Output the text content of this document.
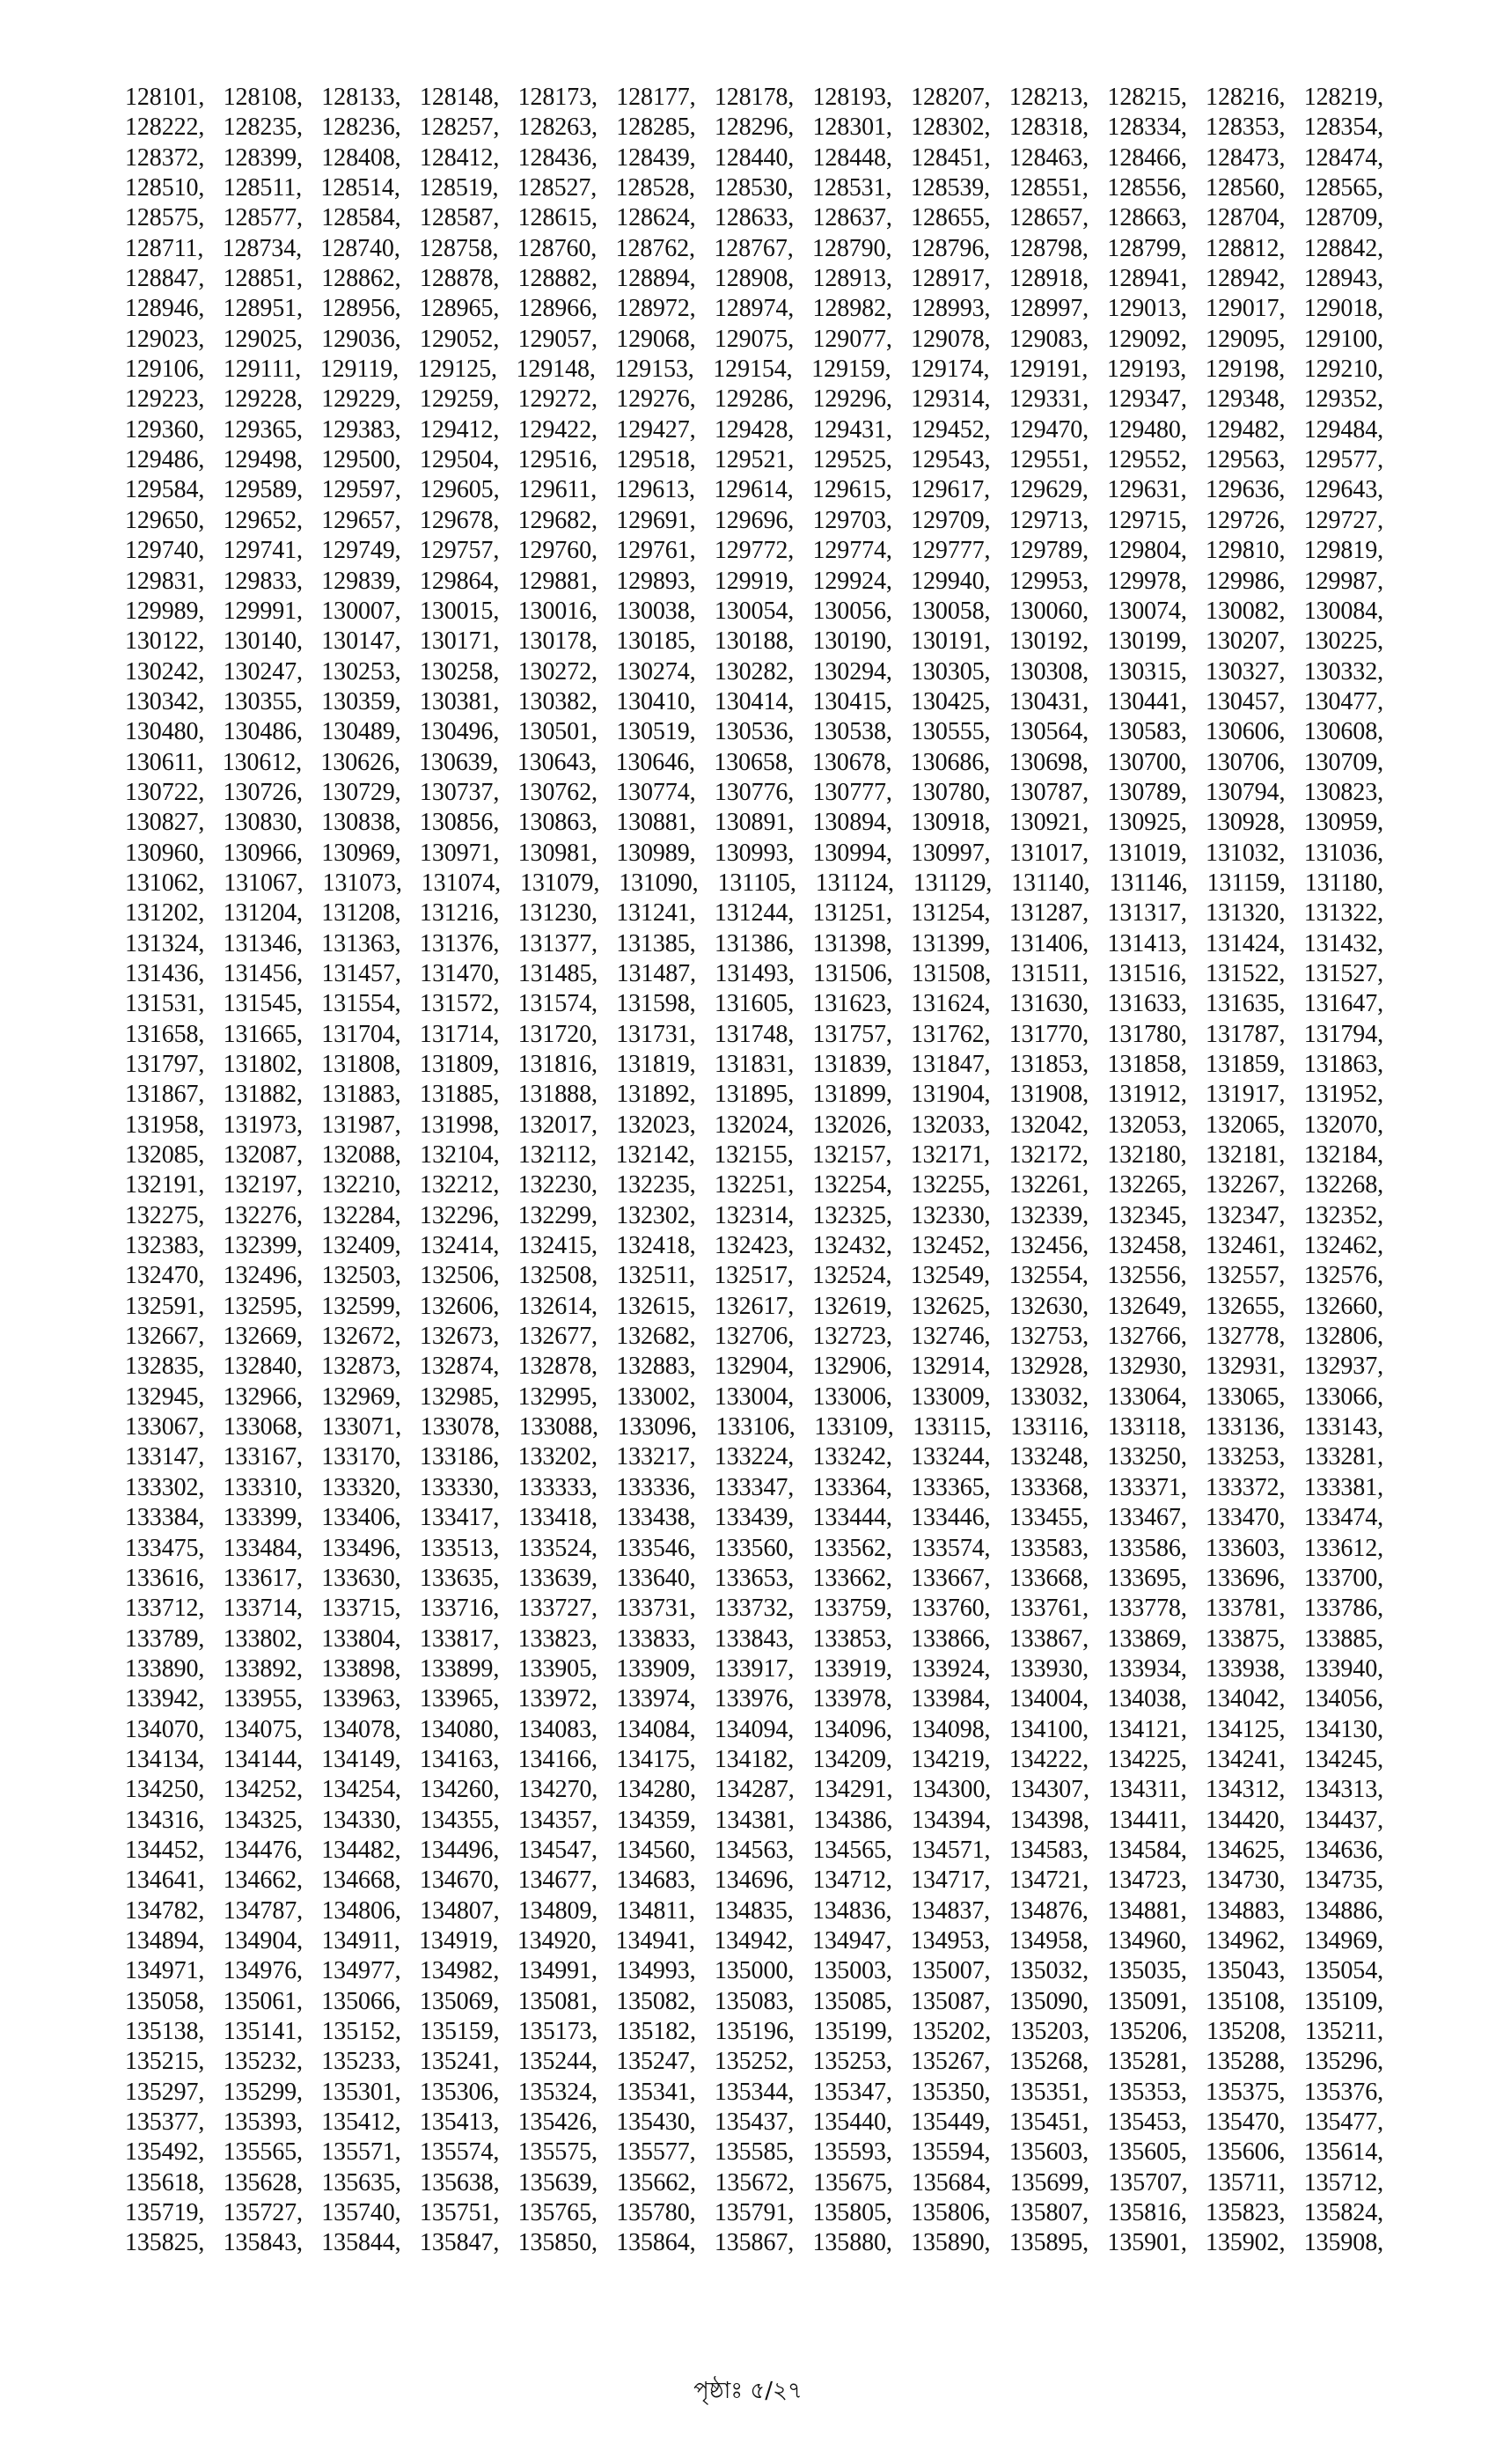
128101, 128108, 128133, 128148, 128173, 128177, 128178, 128193, 128207, 128213, 128215, 128216, 128219,
128222, 128235, 128236, 128257, 128263, 128285, 128296, 128301, 128302, 128318, 128334, 128353, 128354,
128372, 128399, 128408, 128412, 128436, 128439, 128440, 128448, 128451, 128463, 128466, 128473, 128474,
128510, 128511, 128514, 128519, 128527, 128528, 128530, 128531, 128539, 128551, 128556, 128560, 128565,
128575, 128577, 128584, 128587, 128615, 128624, 128633, 128637, 128655, 128657, 128663, 128704, 128709,
128711, 128734, 128740, 128758, 128760, 128762, 128767, 128790, 128796, 128798, 128799, 128812, 128842,
128847, 128851, 128862, 128878, 128882, 128894, 128908, 128913, 128917, 128918, 128941, 128942, 128943,
128946, 128951, 128956, 128965, 128966, 128972, 128974, 128982, 128993, 128997, 129013, 129017, 129018,
129023, 129025, 129036, 129052, 129057, 129068, 129075, 129077, 129078, 129083, 129092, 129095, 129100,
129106, 129111, 129119, 129125, 129148, 129153, 129154, 129159, 129174, 129191, 129193, 129198, 129210,
129223, 129228, 129229, 129259, 129272, 129276, 129286, 129296, 129314, 129331, 129347, 129348, 129352,
129360, 129365, 129383, 129412, 129422, 129427, 129428, 129431, 129452, 129470, 129480, 129482, 129484,
129486, 129498, 129500, 129504, 129516, 129518, 129521, 129525, 129543, 129551, 129552, 129563, 129577,
129584, 129589, 129597, 129605, 129611, 129613, 129614, 129615, 129617, 129629, 129631, 129636, 129643,
129650, 129652, 129657, 129678, 129682, 129691, 129696, 129703, 129709, 129713, 129715, 129726, 129727,
129740, 129741, 129749, 129757, 129760, 129761, 129772, 129774, 129777, 129789, 129804, 129810, 129819,
129831, 129833, 129839, 129864, 129881, 129893, 129919, 129924, 129940, 129953, 129978, 129986, 129987,
129989, 129991, 130007, 130015, 130016, 130038, 130054, 130056, 130058, 130060, 130074, 130082, 130084,
130122, 130140, 130147, 130171, 130178, 130185, 130188, 130190, 130191, 130192, 130199, 130207, 130225,
130242, 130247, 130253, 130258, 130272, 130274, 130282, 130294, 130305, 130308, 130315, 130327, 130332,
130342, 130355, 130359, 130381, 130382, 130410, 130414, 130415, 130425, 130431, 130441, 130457, 130477,
130480, 130486, 130489, 130496, 130501, 130519, 130536, 130538, 130555, 130564, 130583, 130606, 130608,
130611, 130612, 130626, 130639, 130643, 130646, 130658, 130678, 130686, 130698, 130700, 130706, 130709,
130722, 130726, 130729, 130737, 130762, 130774, 130776, 130777, 130780, 130787, 130789, 130794, 130823,
130827, 130830, 130838, 130856, 130863, 130881, 130891, 130894, 130918, 130921, 130925, 130928, 130959,
130960, 130966, 130969, 130971, 130981, 130989, 130993, 130994, 130997, 131017, 131019, 131032, 131036,
131062, 131067, 131073, 131074, 131079, 131090, 131105, 131124, 131129, 131140, 131146, 131159, 131180,
131202, 131204, 131208, 131216, 131230, 131241, 131244, 131251, 131254, 131287, 131317, 131320, 131322,
131324, 131346, 131363, 131376, 131377, 131385, 131386, 131398, 131399, 131406, 131413, 131424, 131432,
131436, 131456, 131457, 131470, 131485, 131487, 131493, 131506, 131508, 131511, 131516, 131522, 131527,
131531, 131545, 131554, 131572, 131574, 131598, 131605, 131623, 131624, 131630, 131633, 131635, 131647,
131658, 131665, 131704, 131714, 131720, 131731, 131748, 131757, 131762, 131770, 131780, 131787, 131794,
131797, 131802, 131808, 131809, 131816, 131819, 131831, 131839, 131847, 131853, 131858, 131859, 131863,
131867, 131882, 131883, 131885, 131888, 131892, 131895, 131899, 131904, 131908, 131912, 131917, 131952,
131958, 131973, 131987, 131998, 132017, 132023, 132024, 132026, 132033, 132042, 132053, 132065, 132070,
132085, 132087, 132088, 132104, 132112, 132142, 132155, 132157, 132171, 132172, 132180, 132181, 132184,
132191, 132197, 132210, 132212, 132230, 132235, 132251, 132254, 132255, 132261, 132265, 132267, 132268,
132275, 132276, 132284, 132296, 132299, 132302, 132314, 132325, 132330, 132339, 132345, 132347, 132352,
132383, 132399, 132409, 132414, 132415, 132418, 132423, 132432, 132452, 132456, 132458, 132461, 132462,
132470, 132496, 132503, 132506, 132508, 132511, 132517, 132524, 132549, 132554, 132556, 132557, 132576,
132591, 132595, 132599, 132606, 132614, 132615, 132617, 132619, 132625, 132630, 132649, 132655, 132660,
132667, 132669, 132672, 132673, 132677, 132682, 132706, 132723, 132746, 132753, 132766, 132778, 132806,
132835, 132840, 132873, 132874, 132878, 132883, 132904, 132906, 132914, 132928, 132930, 132931, 132937,
132945, 132966, 132969, 132985, 132995, 133002, 133004, 133006, 133009, 133032, 133064, 133065, 133066,
133067, 133068, 133071, 133078, 133088, 133096, 133106, 133109, 133115, 133116, 133118, 133136, 133143,
133147, 133167, 133170, 133186, 133202, 133217, 133224, 133242, 133244, 133248, 133250, 133253, 133281,
133302, 133310, 133320, 133330, 133333, 133336, 133347, 133364, 133365, 133368, 133371, 133372, 133381,
133384, 133399, 133406, 133417, 133418, 133438, 133439, 133444, 133446, 133455, 133467, 133470, 133474,
133475, 133484, 133496, 133513, 133524, 133546, 133560, 133562, 133574, 133583, 133586, 133603, 133612,
133616, 133617, 133630, 133635, 133639, 133640, 133653, 133662, 133667, 133668, 133695, 133696, 133700,
133712, 133714, 133715, 133716, 133727, 133731, 133732, 133759, 133760, 133761, 133778, 133781, 133786,
133789, 133802, 133804, 133817, 133823, 133833, 133843, 133853, 133866, 133867, 133869, 133875, 133885,
133890, 133892, 133898, 133899, 133905, 133909, 133917, 133919, 133924, 133930, 133934, 133938, 133940,
133942, 133955, 133963, 133965, 133972, 133974, 133976, 133978, 133984, 134004, 134038, 134042, 134056,
134070, 134075, 134078, 134080, 134083, 134084, 134094, 134096, 134098, 134100, 134121, 134125, 134130,
134134, 134144, 134149, 134163, 134166, 134175, 134182, 134209, 134219, 134222, 134225, 134241, 134245,
134250, 134252, 134254, 134260, 134270, 134280, 134287, 134291, 134300, 134307, 134311, 134312, 134313,
134316, 134325, 134330, 134355, 134357, 134359, 134381, 134386, 134394, 134398, 134411, 134420, 134437,
134452, 134476, 134482, 134496, 134547, 134560, 134563, 134565, 134571, 134583, 134584, 134625, 134636,
134641, 134662, 134668, 134670, 134677, 134683, 134696, 134712, 134717, 134721, 134723, 134730, 134735,
134782, 134787, 134806, 134807, 134809, 134811, 134835, 134836, 134837, 134876, 134881, 134883, 134886,
134894, 134904, 134911, 134919, 134920, 134941, 134942, 134947, 134953, 134958, 134960, 134962, 134969,
134971, 134976, 134977, 134982, 134991, 134993, 135000, 135003, 135007, 135032, 135035, 135043, 135054,
135058, 135061, 135066, 135069, 135081, 135082, 135083, 135085, 135087, 135090, 135091, 135108, 135109,
135138, 135141, 135152, 135159, 135173, 135182, 135196, 135199, 135202, 135203, 135206, 135208, 135211,
135215, 135232, 135233, 135241, 135244, 135247, 135252, 135253, 135267, 135268, 135281, 135288, 135296,
135297, 135299, 135301, 135306, 135324, 135341, 135344, 135347, 135350, 135351, 135353, 135375, 135376,
135377, 135393, 135412, 135413, 135426, 135430, 135437, 135440, 135449, 135451, 135453, 135470, 135477,
135492, 135565, 135571, 135574, 135575, 135577, 135585, 135593, 135594, 135603, 135605, 135606, 135614,
135618, 135628, 135635, 135638, 135639, 135662, 135672, 135675, 135684, 135699, 135707, 135711, 135712,
135719, 135727, 135740, 135751, 135765, 135780, 135791, 135805, 135806, 135807, 135816, 135823, 135824,
135825, 135843, 135844, 135847, 135850, 135864, 135867, 135880, 135890, 135895, 135901, 135902, 135908,
পৃষ্ঠাঃ ৫/২৭
